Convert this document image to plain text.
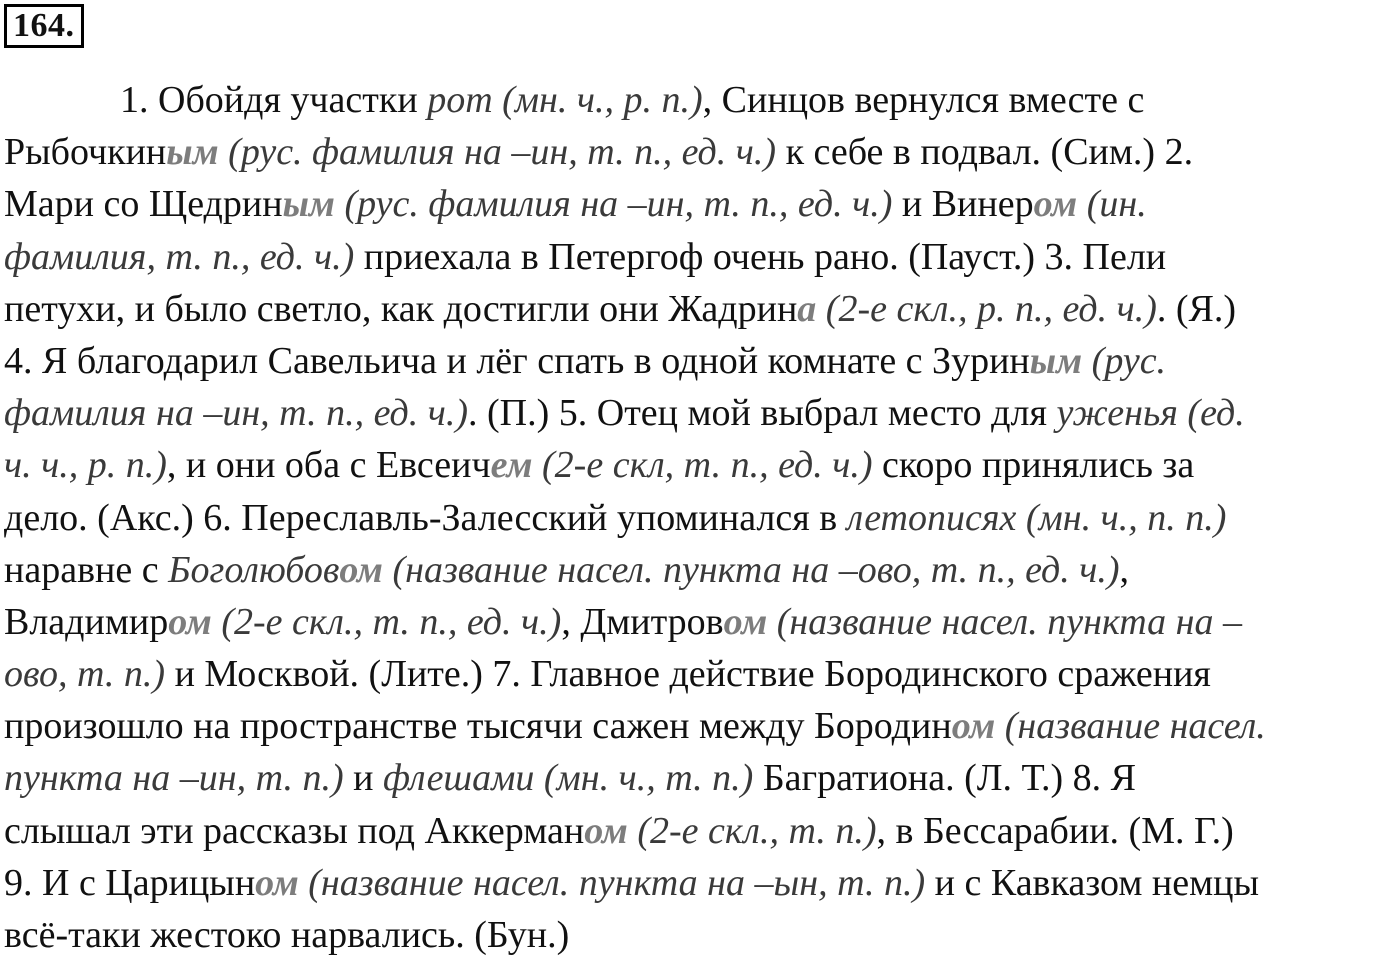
164.
1. Обойдя участки рот (мн. ч., р. п.), Синцов вернулся вместе с
Рыбочкиным (рус. фамилия на –ин, т. п., ед. ч.) к себе в подвал. (Сим.) 2.
Мари со Щедриным (рус. фамилия на –ин, т. п., ед. ч.) и Винером (ин.
фамилия, т. п., ед. ч.) приехала в Петергоф очень рано. (Пауст.) 3. Пели
петухи, и было светло, как достигли они Жадрина (2-е скл., р. п., ед. ч.). (Я.)
4. Я благодарил Савельича и лёг спать в одной комнате с Зуриным (рус.
фамилия на –ин, т. п., ед. ч.). (П.) 5. Отец мой выбрал место для уженья (ед.
ч. ч., р. п.), и они оба с Евсеичем (2-е скл, т. п., ед. ч.) скоро принялись за
дело. (Акс.) 6. Переславль-Залесский упоминался в летописях (мн. ч., п. п.)
наравне с Боголюбовом (название насел. пункта на –ово, т. п., ед. ч.),
Владимиром (2-е скл., т. п., ед. ч.), Дмитровом (название насел. пункта на –
ово, т. п.) и Москвой. (Лите.) 7. Главное действие Бородинского сражения
произошло на пространстве тысячи сажен между Бородином (название насел.
пункта на –ин, т. п.) и флешами (мн. ч., т. п.) Багратиона. (Л. Т.) 8. Я
слышал эти рассказы под Аккерманом (2-е скл., т. п.), в Бессарабии. (М. Г.)
9. И с Царицыном (название насел. пункта на –ын, т. п.) и с Кавказом немцы
всё-таки жестоко нарвались. (Бун.)
